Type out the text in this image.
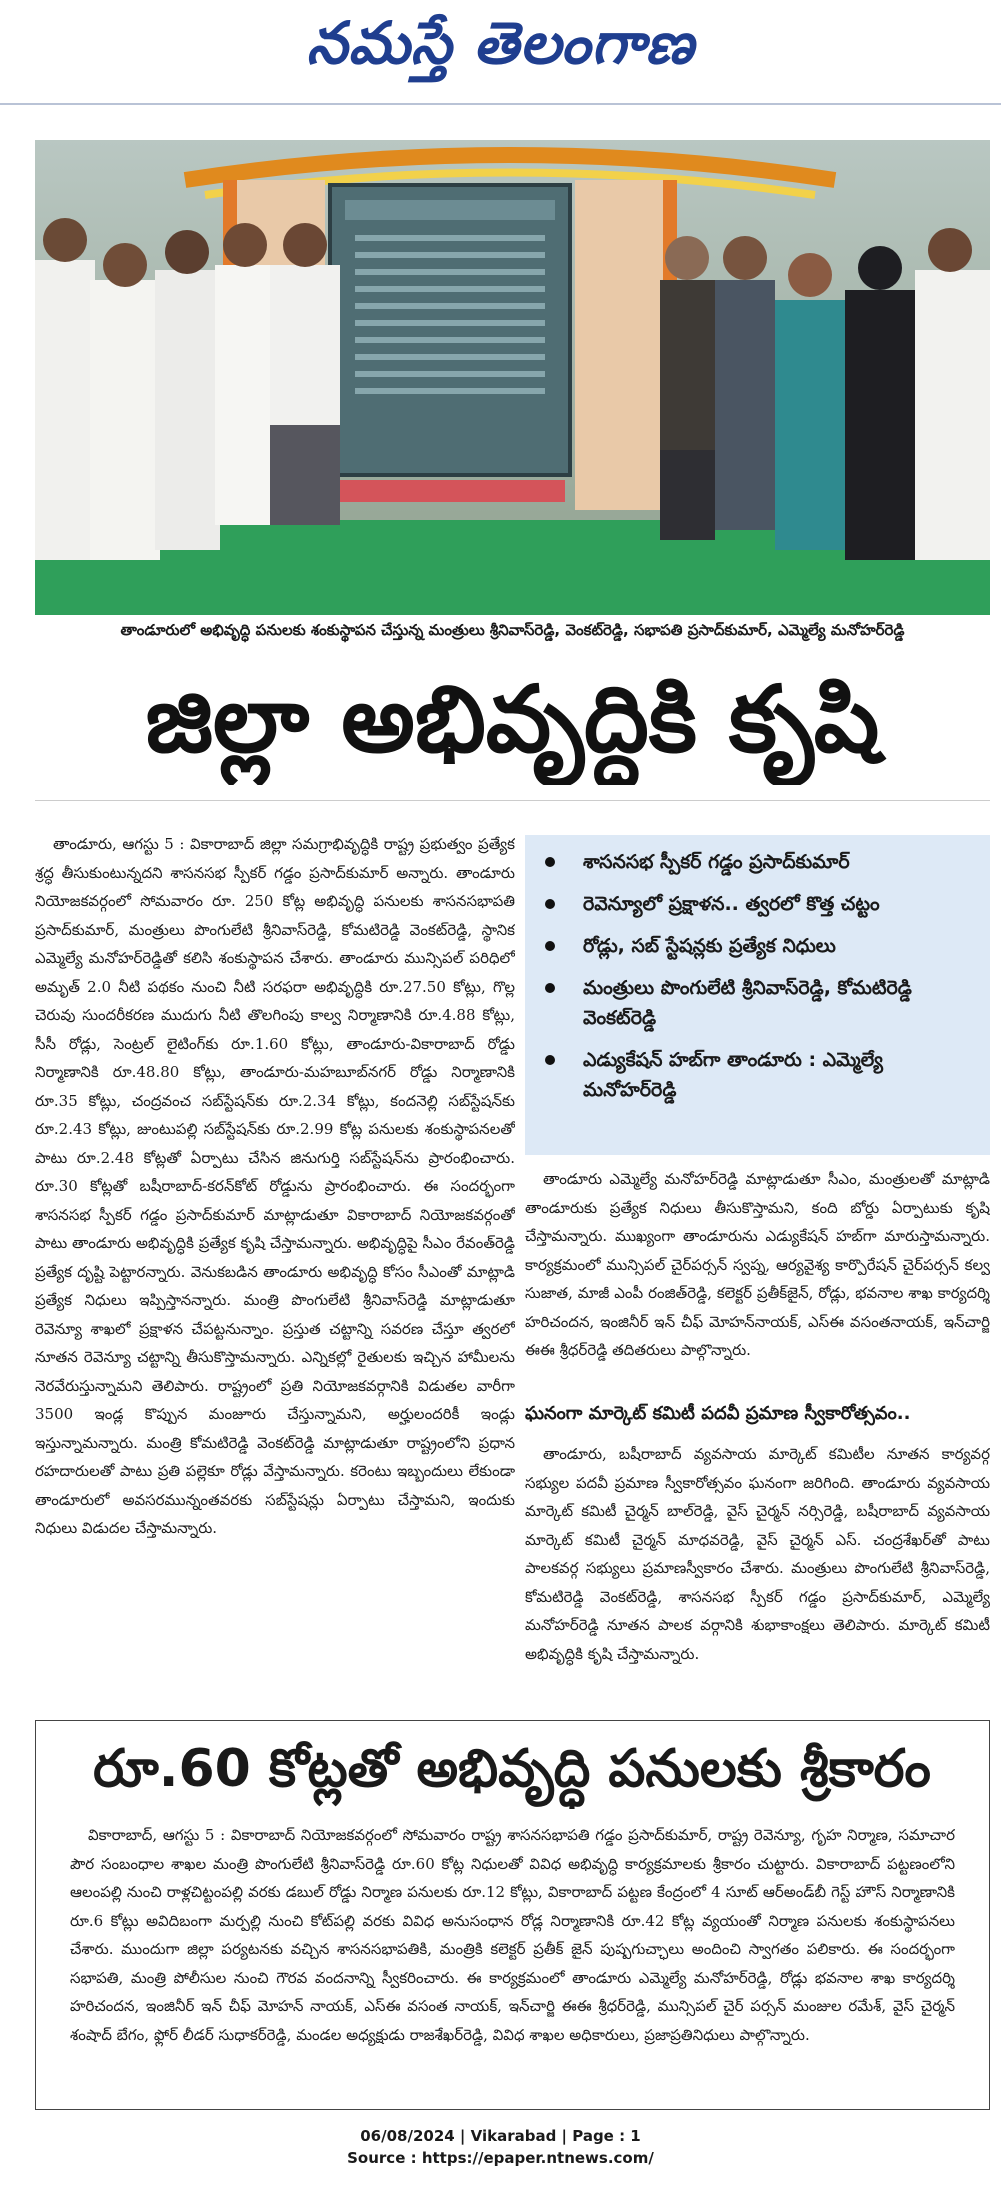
నమస్తే తెలంగాణ
తాండూరులో అభివృద్ధి పనులకు శంకుస్థాపన చేస్తున్న మంత్రులు శ్రీనివాస్‌రెడ్డి, వెంకట్‌రెడ్డి, సభాపతి ప్రసాద్‌కుమార్, ఎమ్మెల్యే మనోహర్‌రెడ్డి
జిల్లా అభివృద్ధికి కృషి

తాండూరు, ఆగస్టు 5 : వికారాబాద్ జిల్లా సమగ్రాభివృద్ధికి రాష్ట్ర ప్రభుత్వం ప్రత్యేక శ్రద్ధ తీసుకుంటున్నదని శాసనసభ స్పీకర్ గడ్డం ప్రసాద్‌కుమార్ అన్నారు. తాండూరు నియోజకవర్గంలో సోమవారం రూ. 250 కోట్ల అభివృద్ధి పనులకు శాసనసభాపతి ప్రసాద్‌కుమార్, మంత్రులు పొంగులేటి శ్రీనివాస్‌రెడ్డి, కోమటిరెడ్డి వెంకట్‌రెడ్డి, స్థానిక ఎమ్మెల్యే మనోహర్‌రెడ్డితో కలిసి శంకుస్థాపన చేశారు. తాండూరు మున్సిపల్ పరిధిలో అమృత్ 2.0 నీటి పథకం నుంచి నీటి సరఫరా అభివృద్ధికి రూ.27.50 కోట్లు, గొల్ల చెరువు సుందరీకరణ ముదుగు నీటి తొలగింపు కాల్వ నిర్మాణానికి రూ.4.88 కోట్లు, సీసీ రోడ్లు, సెంట్రల్ లైటింగ్‌కు రూ.1.60 కోట్లు, తాండూరు-వికారాబాద్ రోడ్డు నిర్మాణానికి రూ.48.80 కోట్లు, తాండూరు-మహబూబ్‌నగర్ రోడ్డు నిర్మాణానికి రూ.35 కోట్లు, చంద్రవంచ సబ్‌స్టేషన్‌కు రూ.2.34 కోట్లు, కందనెల్లి సబ్‌స్టేషన్‌కు రూ.2.43 కోట్లు, జుంటుపల్లి సబ్‌స్టేషన్‌కు రూ.2.99 కోట్ల పనులకు శంకుస్థాపనలతో పాటు రూ.2.48 కోట్లతో ఏర్పాటు చేసిన జినుగుర్తి సబ్‌స్టేషన్‌ను ప్రారంభించారు. రూ.30 కోట్లతో బషీరాబాద్-కరన్‌కోట్ రోడ్డును ప్రారంభించారు. ఈ సందర్భంగా శాసనసభ స్పీకర్ గడ్డం ప్రసాద్‌కుమార్ మాట్లాడుతూ వికారాబాద్ నియోజకవర్గంతో పాటు తాండూరు అభివృద్ధికి ప్రత్యేక కృషి చేస్తామన్నారు. అభివృద్ధిపై సీఎం రేవంత్‌రెడ్డి ప్రత్యేక దృష్టి పెట్టారన్నారు. వెనుకబడిన తాండూరు అభివృద్ధి కోసం సీఎంతో మాట్లాడి ప్రత్యేక నిధులు ఇప్పిస్తానన్నారు. మంత్రి పొంగులేటి శ్రీనివాస్‌రెడ్డి మాట్లాడుతూ రెవెన్యూ శాఖలో ప్రక్షాళన చేపట్టనున్నాం. ప్రస్తుత చట్టాన్ని సవరణ చేస్తూ త్వరలో నూతన రెవెన్యూ చట్టాన్ని తీసుకొస్తామన్నారు. ఎన్నికల్లో రైతులకు ఇచ్చిన హామీలను నెరవేరుస్తున్నామని తెలిపారు. రాష్ట్రంలో ప్రతి నియోజకవర్గానికి విడుతల వారీగా 3500 ఇండ్ల కొప్పున మంజూరు చేస్తున్నామని, అర్హులందరికీ ఇండ్లు ఇస్తున్నామన్నారు. మంత్రి కోమటిరెడ్డి వెంకట్‌రెడ్డి మాట్లాడుతూ రాష్ట్రంలోని ప్రధాన రహదారులతో పాటు ప్రతి పల్లెకూ రోడ్లు వేస్తామన్నారు. కరెంటు ఇబ్బందులు లేకుండా తాండూరులో అవసరమున్నంతవరకు సబ్‌స్టేషన్లు ఏర్పాటు చేస్తామని, ఇందుకు నిధులు విడుదల చేస్తామన్నారు.

శాసనసభ స్పీకర్ గడ్డం ప్రసాద్‌కుమార్
రెవెన్యూలో ప్రక్షాళన.. త్వరలో కొత్త చట్టం
రోడ్లు, సబ్ స్టేషన్లకు ప్రత్యేక నిధులు
మంత్రులు పొంగులేటి శ్రీనివాస్‌రెడ్డి, కోమటిరెడ్డి వెంకట్‌రెడ్డి
ఎడ్యుకేషన్ హబ్‌గా తాండూరు : ఎమ్మెల్యే మనోహర్‌రెడ్డి

తాండూరు ఎమ్మెల్యే మనోహర్‌రెడ్డి మాట్లాడుతూ సీఎం, మంత్రులతో మాట్లాడి తాండూరుకు ప్రత్యేక నిధులు తీసుకొస్తామని, కంది బోర్డు ఏర్పాటుకు కృషి చేస్తామన్నారు. ముఖ్యంగా తాండూరును ఎడ్యుకేషన్ హబ్‌గా మారుస్తామన్నారు. కార్యక్రమంలో మున్సిపల్ చైర్‌పర్సన్ స్వప్న, ఆర్యవైశ్య కార్పొరేషన్ చైర్‌పర్సన్ కల్వ సుజాత, మాజీ ఎంపీ రంజిత్‌రెడ్డి, కలెక్టర్ ప్రతీక్‌జైన్, రోడ్లు, భవనాల శాఖ కార్యదర్శి హరిచందన, ఇంజినీర్ ఇన్ చీఫ్ మోహన్‌నాయక్, ఎస్‌ఈ వసంతనాయక్, ఇన్‌చార్జి ఈఈ శ్రీధర్‌రెడ్డి తదితరులు పాల్గొన్నారు.

ఘనంగా మార్కెట్ కమిటీ పదవీ ప్రమాణ స్వీకారోత్సవం..

తాండూరు, బషీరాబాద్ వ్యవసాయ మార్కెట్ కమిటీల నూతన కార్యవర్గ సభ్యుల పదవీ ప్రమాణ స్వీకారోత్సవం ఘనంగా జరిగింది. తాండూరు వ్యవసాయ మార్కెట్ కమిటీ చైర్మన్ బాల్‌రెడ్డి, వైస్ చైర్మన్ నర్సిరెడ్డి, బషీరాబాద్ వ్యవసాయ మార్కెట్ కమిటీ చైర్మన్ మాధవరెడ్డి, వైస్ చైర్మన్ ఎస్. చంద్రశేఖర్‌తో పాటు పాలకవర్గ సభ్యులు ప్రమాణస్వీకారం చేశారు. మంత్రులు పొంగులేటి శ్రీనివాస్‌రెడ్డి, కోమటిరెడ్డి వెంకట్‌రెడ్డి, శాసనసభ స్పీకర్ గడ్డం ప్రసాద్‌కుమార్, ఎమ్మెల్యే మనోహర్‌రెడ్డి నూతన పాలక వర్గానికి శుభాకాంక్షలు తెలిపారు. మార్కెట్ కమిటీ అభివృద్ధికి కృషి చేస్తామన్నారు.

రూ.60 కోట్లతో అభివృద్ధి పనులకు శ్రీకారం

వికారాబాద్, ఆగస్టు 5 : వికారాబాద్ నియోజకవర్గంలో సోమవారం రాష్ట్ర శాసనసభాపతి గడ్డం ప్రసాద్‌కుమార్, రాష్ట్ర రెవెన్యూ, గృహ నిర్మాణ, సమాచార పౌర సంబంధాల శాఖల మంత్రి పొంగులేటి శ్రీనివాస్‌రెడ్డి రూ.60 కోట్ల నిధులతో వివిధ అభివృద్ధి కార్యక్రమాలకు శ్రీకారం చుట్టారు. వికారాబాద్ పట్టణంలోని ఆలంపల్లి నుంచి రాళ్లచిట్టంపల్లి వరకు డబుల్ రోడ్డు నిర్మాణ పనులకు రూ.12 కోట్లు, వికారాబాద్ పట్టణ కేంద్రంలో 4 సూట్ ఆర్‌అండ్‌బీ గెస్ట్ హౌస్ నిర్మాణానికి రూ.6 కోట్లు అవిదిబంగా మర్పల్లి నుంచి కోట్‌పల్లి వరకు వివిధ అనుసంధాన రోడ్ల నిర్మాణానికి రూ.42 కోట్ల వ్యయంతో నిర్మాణ పనులకు శంకుస్థాపనలు చేశారు. ముందుగా జిల్లా పర్యటనకు వచ్చిన శాసనసభాపతికి, మంత్రికి కలెక్టర్ ప్రతీక్ జైన్ పుష్పగుచ్ఛాలు అందించి స్వాగతం పలికారు. ఈ సందర్భంగా సభాపతి, మంత్రి పోలీసుల నుంచి గౌరవ వందనాన్ని స్వీకరించారు. ఈ కార్యక్రమంలో తాండూరు ఎమ్మెల్యే మనోహర్‌రెడ్డి, రోడ్లు భవనాల శాఖ కార్యదర్శి హరిచందన, ఇంజినీర్ ఇన్ చీఫ్ మోహన్ నాయక్, ఎస్‌ఈ వసంత నాయక్, ఇన్‌చార్జి ఈఈ శ్రీధర్‌రెడ్డి, మున్సిపల్ చైర్ పర్సన్ మంజుల రమేశ్, వైస్ చైర్మన్ శంషాద్ బేగం, ఫ్లోర్ లీడర్ సుధాకర్‌రెడ్డి, మండల అధ్యక్షుడు రాజశేఖర్‌రెడ్డి, వివిధ శాఖల అధికారులు, ప్రజాప్రతినిధులు పాల్గొన్నారు.

06/08/2024 | Vikarabad | Page : 1
Source : https://epaper.ntnews.com/
